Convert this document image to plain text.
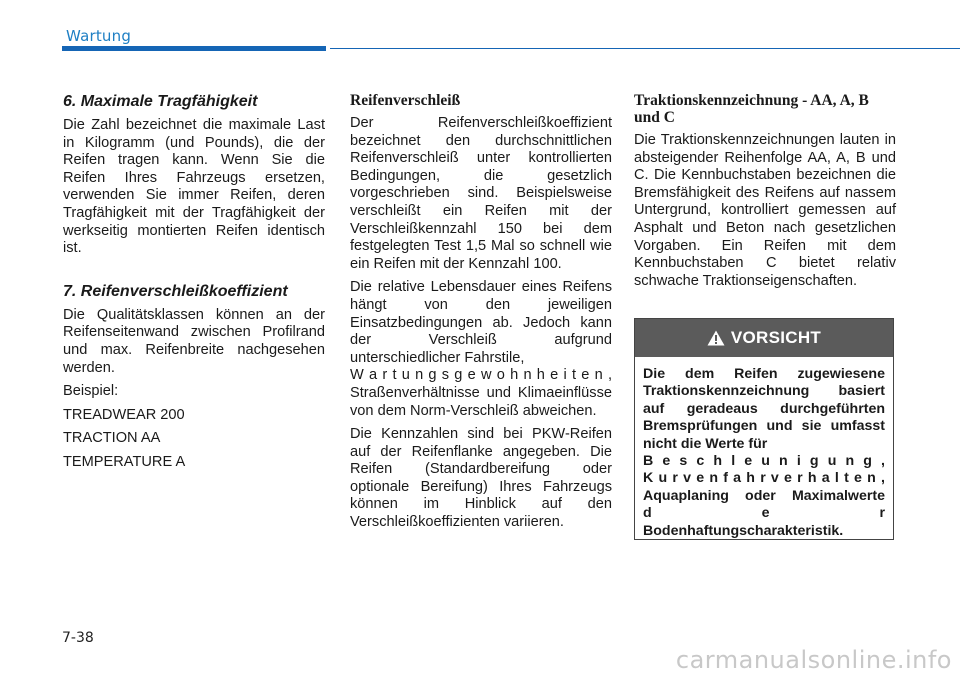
Wartung
6. Maximale Tragfähigkeit

Die Zahl bezeichnet die maximale Last in Kilogramm (und Pounds), die der Reifen tragen kann. Wenn Sie die Reifen Ihres Fahrzeugs ersetzen, verwenden Sie immer Reifen, deren Tragfähigkeit mit der Tragfähigkeit der werkseitig montierten Reifen identisch ist.

7. Reifenverschleißkoeffizient

Die Qualitätsklassen können an der Reifenseitenwand zwischen Profilrand und max. Reifenbreite nachgesehen werden.

Beispiel:

TREADWEAR 200

TRACTION AA

TEMPERATURE A

Reifenverschleiß

Der Reifenverschleißkoeffizient bezeichnet den durchschnittlichen Reifenverschleiß unter kontrollierten Bedingungen, die gesetzlich vorgeschrieben sind. Beispielsweise verschleißt ein Reifen mit der Verschleißkennzahl 150 bei dem festgelegten Test 1,5 Mal so schnell wie ein Reifen mit der Kennzahl 100.

Die relative Lebensdauer eines Reifens hängt von den jeweiligen Einsatzbedingungen ab. Jedoch kann der Verschleiß aufgrund unterschiedlicher Fahrstile,

W a r t u n g s g e w o h n h e i t e n ,

Straßenverhältnisse und Klimaeinflüsse von dem Norm-Verschleiß abweichen.

Die Kennzahlen sind bei PKW-Reifen auf der Reifenflanke angegeben. Die Reifen (Standardbereifung oder optionale Bereifung) Ihres Fahrzeugs können im Hinblick auf den Verschleißkoeffizienten variieren.

Traktionskennzeichnung - AA, A, B und C

Die Traktionskennzeichnungen lauten in absteigender Reihenfolge AA, A, B und C. Die Kennbuchstaben bezeichnen die Bremsfähigkeit des Reifens auf nassem Untergrund, kontrolliert gemessen auf Asphalt und Beton nach gesetzlichen Vorgaben. Ein Reifen mit dem Kennbuchstaben C bietet relativ schwache Traktionseigenschaften.

VORSICHT
Die dem Reifen zugewiesene Traktionskennzeichnung basiert auf geradeaus durchgeführten Bremsprüfungen und sie umfasst nicht die Werte für
B e s c h l e u n i g u n g ,
K u r v e n f a h r v e r h a l t e n ,
Aquaplaning oder Maximalwerte
d e r
Bodenhaftungscharakteristik.
7-38
carmanualsonline.info
